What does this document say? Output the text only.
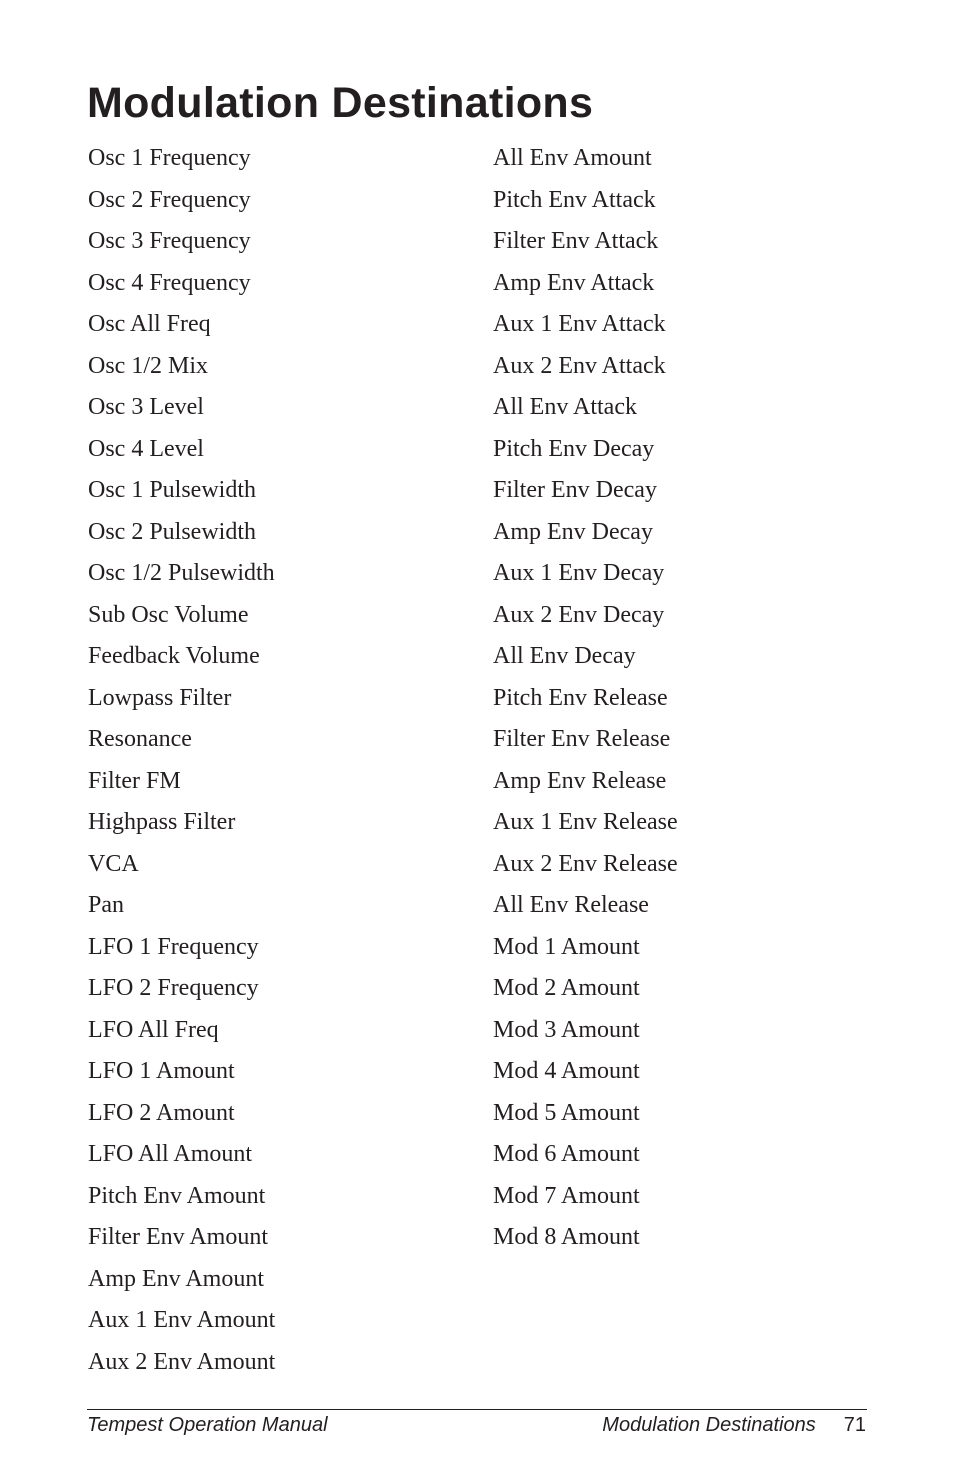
Modulation Destinations
Osc 1 Frequency
Osc 2 Frequency
Osc 3 Frequency
Osc 4 Frequency
Osc All Freq
Osc 1/2 Mix
Osc 3 Level
Osc 4 Level
Osc 1 Pulsewidth
Osc 2 Pulsewidth
Osc 1/2 Pulsewidth
Sub Osc Volume
Feedback Volume
Lowpass Filter
Resonance
Filter FM
Highpass Filter
VCA
Pan
LFO 1 Frequency
LFO 2 Frequency
LFO All Freq
LFO 1 Amount
LFO 2 Amount
LFO All Amount
Pitch Env Amount
Filter Env Amount
Amp Env Amount
Aux 1 Env Amount
Aux 2 Env Amount
All Env Amount
Pitch Env Attack
Filter Env Attack
Amp Env Attack
Aux 1 Env Attack
Aux 2 Env Attack
All Env Attack
Pitch Env Decay
Filter Env Decay
Amp Env Decay
Aux 1 Env Decay
Aux 2 Env Decay
All Env Decay
Pitch Env Release
Filter Env Release
Amp Env Release
Aux 1 Env Release
Aux 2 Env Release
All Env Release
Mod 1 Amount
Mod 2 Amount
Mod 3 Amount
Mod 4 Amount
Mod 5 Amount
Mod 6 Amount
Mod 7 Amount
Mod 8 Amount
Tempest Operation Manual	Modulation Destinations 71
